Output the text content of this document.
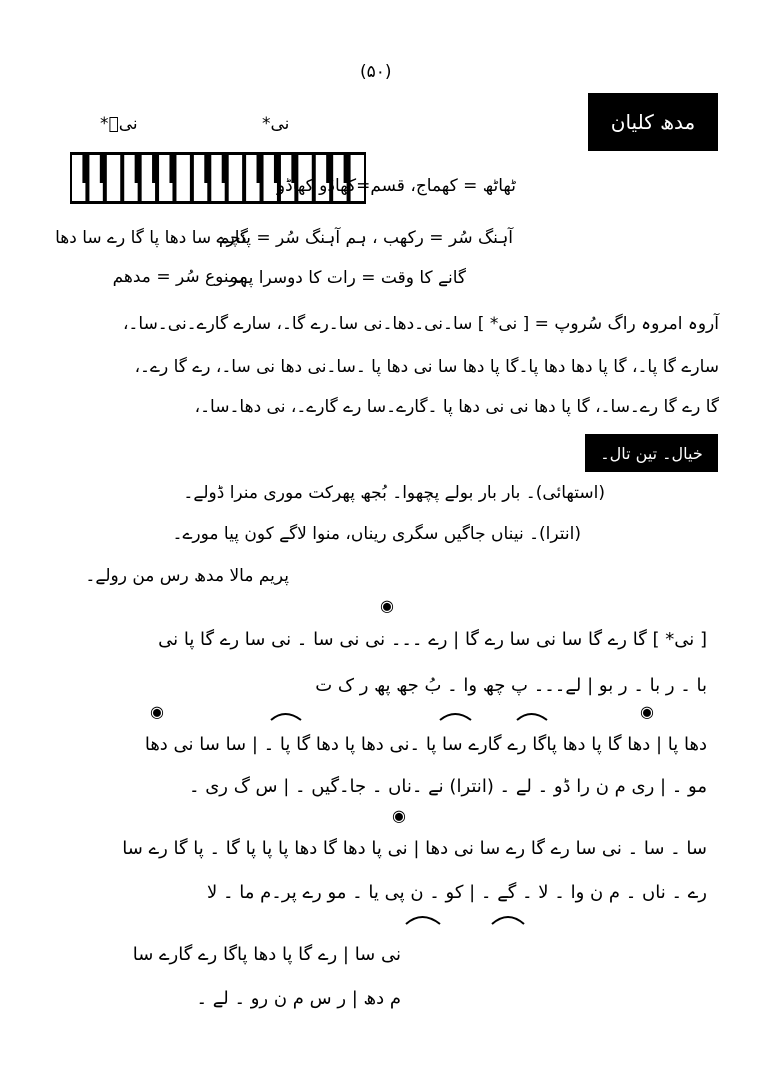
(۵۰)
مدھ کلیان
نیؔ*	نی*
ٹھاٹھ = کھماج، قسم=کھاڈو کھاڈو
آہنگ سُر = رکھب ، ہم آہنگ سُر = پنچم
گارے سا دھا پا گا رے سا دھا
گانے کا وقت = رات کا دوسرا پہر
ممنوع سُر = مدھم
آروہ امروہ راگ سُروپ = [ نی* ] سا۔نی۔دھا۔نی سا۔رے گا۔، سارے گارے۔نی۔سا۔،
سارے گا پا۔، گا پا دھا دھا پا۔گا پا دھا سا نی دھا پا ۔سا۔نی دھا نی سا۔، رے گا رے۔،
گا رے گا رے۔سا۔، گا پا دھا نی نی دھا پا ۔گارے۔سا رے گارے۔، نی دھا۔سا۔،
خیال۔ تین تال۔
(استھائی)۔ بار بار بولے پچھوا۔ بُجھ پھرکت موری منرا ڈولے۔
(انترا)۔ نیناں جاگیں سگری ریناں، منوا لاگے کون پیا مورے۔
پریم مالا مدھ رس من رولے۔
◉
[ نی* ] گا رے گا سا نی سا رے گا | رے ۔۔۔ نی نی سا ۔ نی سا رے گا پا نی
با ۔ ر با ۔ ر بو | لے۔۔۔ پ چھ وا ۔ بُ جھ پھ ر ک ت
◉	◉
دھا پا | دھا گا پا دھا پاگا رے گارے سا پا ۔نی دھا پا دھا گا پا ۔ | سا سا نی دھا
مو ۔ | ری م ن را ڈو ۔ لے ۔ (انترا) نے ۔ناں ۔ جا۔گیں ۔ | س گ ری ۔
◉
سا ۔ سا ۔ نی سا رے گا رے سا نی دھا | نی پا دھا گا دھا پا پا پا گا ۔ پا گا رے سا
رے ۔ ناں ۔ م ن وا ۔ لا ۔ گے ۔ | کو ۔ ن پی یا ۔ مو رے پر۔م ما ۔ لا
نی سا | رے گا پا دھا پاگا رے گارے سا
م دھ | ر س م ن رو ۔ لے ۔
